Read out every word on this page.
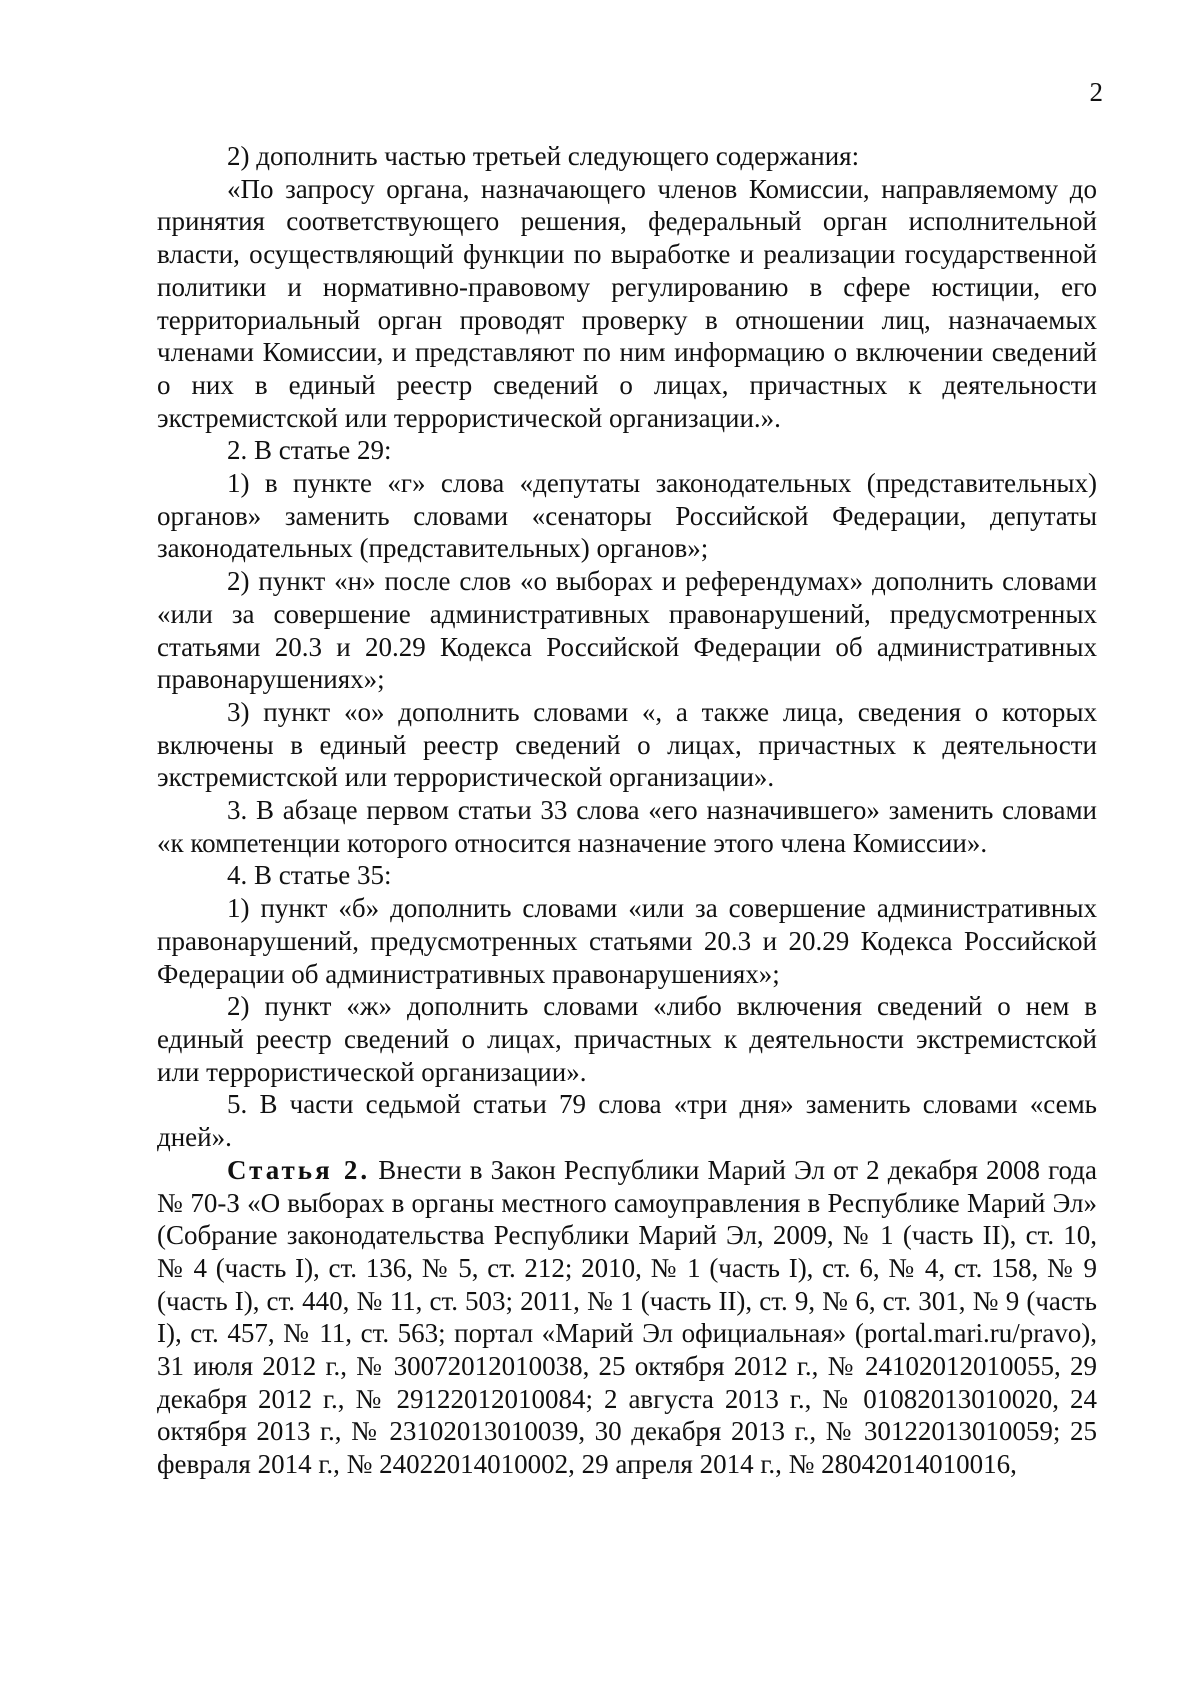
2

2) дополнить частью третьей следующего содержания:

«По запросу органа, назначающего членов Комиссии, направляемому до принятия соответствующего решения, федеральный орган исполнительной власти, осуществляющий функции по выработке и реализации государственной политики и нормативно-правовому регулированию в сфере юстиции, его территориальный орган проводят проверку в отношении лиц, назначаемых членами Комиссии, и представляют по ним информацию о включении сведений о них в единый реестр сведений о лицах, причастных к деятельности экстремистской или террористической организации.».

2. В статье 29:

1) в пункте «г» слова «депутаты законодательных (представительных) органов» заменить словами «сенаторы Российской Федерации, депутаты законодательных (представительных) органов»;

2) пункт «н» после слов «о выборах и референдумах» дополнить словами «или за совершение административных правонарушений, предусмотренных статьями 20.3 и 20.29 Кодекса Российской Федерации об административных правонарушениях»;

3) пункт «о» дополнить словами «, а также лица, сведения о которых включены в единый реестр сведений о лицах, причастных к деятельности экстремистской или террористической организации».

3. В абзаце первом статьи 33 слова «его назначившего» заменить словами «к компетенции которого относится назначение этого члена Комиссии».

4. В статье 35:

1) пункт «б» дополнить словами «или за совершение административных правонарушений, предусмотренных статьями 20.3 и 20.29 Кодекса Российской Федерации об административных правонарушениях»;

2) пункт «ж» дополнить словами «либо включения сведений о нем в единый реестр сведений о лицах, причастных к деятельности экстремистской или террористической организации».

5. В части седьмой статьи 79 слова «три дня» заменить словами «семь дней».

Статья 2. Внести в Закон Республики Марий Эл от 2 декабря 2008 года № 70-З «О выборах в органы местного самоуправления в Республике Марий Эл» (Собрание законодательства Республики Марий Эл, 2009, № 1 (часть II), ст. 10, № 4 (часть I), ст. 136, № 5, ст. 212; 2010, № 1 (часть I), ст. 6, № 4, ст. 158, № 9 (часть I), ст. 440, № 11, ст. 503; 2011, № 1 (часть II), ст. 9, № 6, ст. 301, № 9 (часть I), ст. 457, № 11, ст. 563; портал «Марий Эл официальная» (portal.mari.ru/pravo), 31 июля 2012 г., № 30072012010038, 25 октября 2012 г., № 24102012010055, 29 декабря 2012 г., № 29122012010084; 2 августа 2013 г., № 01082013010020, 24 октября 2013 г., № 23102013010039, 30 декабря 2013 г., № 30122013010059; 25 февраля 2014 г., № 24022014010002, 29 апреля 2014 г., № 28042014010016,
